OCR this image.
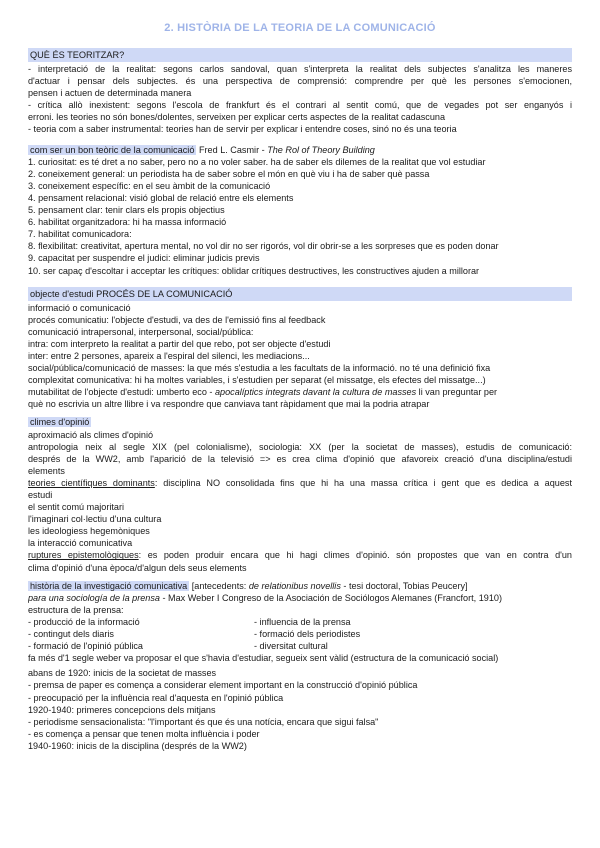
2. HISTÒRIA DE LA TEORIA DE LA COMUNICACIÓ
QUÈ ÉS TEORITZAR?
- interpretació de la realitat: segons carlos sandoval, quan s'interpreta la realitat dels subjectes s'analitza les maneres
d'actuar i pensar dels subjectes. és una perspectiva de comprensió: comprendre per què les persones s'emocionen,
pensen i actuen de determinada manera
- crítica allò inexistent: segons l'escola de frankfurt és el contrari al sentit comú, que de vegades pot ser enganyós i
erroni. les teories no són bones/dolentes, serveixen per explicar certs aspectes de la realitat cadascuna
- teoria com a saber instrumental: teories han de servir per explicar i entendre coses, sinó no és una teoria
com ser un bon teòric de la comunicació Fred L. Casmir - The Rol of Theory Building
1. curiositat: es té dret a no saber, pero no a no voler saber. ha de saber els dilemes de la realitat que vol estudiar
2. coneixement general: un periodista ha de saber sobre el món en què viu i ha de saber què passa
3. coneixement específic: en el seu àmbit de la comunicació
4. pensament relacional: visió global de relació entre els elements
5. pensament clar: tenir clars els propis objectius
6. habilitat organitzadora: hi ha massa informació
7. habilitat comunicadora:
8. flexibilitat: creativitat, apertura mental, no vol dir no ser rigorós, vol dir obrir-se a les sorpreses que es poden donar
9. capacitat per suspendre el judici: eliminar judicis previs
10. ser capaç d'escoltar i acceptar les crítiques: oblidar crítiques destructives, les constructives ajuden a millorar
objecte d'estudi PROCÉS DE LA COMUNICACIÓ
informació o comunicació
procés comunicatiu: l'objecte d'estudi, va des de l'emissió fins al feedback
comunicació intrapersonal, interpersonal, social/pública:
intra: com interpreto la realitat a partir del que rebo, pot ser objecte d'estudi
inter: entre 2 persones, apareix a l'espiral del silenci, les mediacions...
social/pública/comunicació de masses: la que més s'estudia a les facultats de la informació. no té una definició fixa
complexitat comunicativa: hi ha moltes variables, i s'estudien per separat (el missatge, els efectes del missatge...)
mutabilitat de l'objecte d'estudi: umberto eco - apocalíptics integrats davant la cultura de masses li van preguntar per
què no escrivia un altre llibre i va respondre que canviava tant ràpidament que mai la podria atrapar
climes d'opinió
aproximació als climes d'opinió
antropologia neix al segle XIX (pel colonialisme), sociologia: XX (per la societat de masses), estudis de comunicació:
després de la WW2, amb l'aparició de la televisió => es crea clima d'opinió que afavoreix creació d'una disciplina/estudi
elements
teories científiques dominants: disciplina NO consolidada fins que hi ha una massa crítica i gent que es dedica a aquest
estudi
el sentit comú majoritari
l'imaginari col·lectiu d'una cultura
les ideologiess hegemòniques
la interacció comunicativa
ruptures epistemològiques: es poden produir encara que hi hagi climes d'opinió. són propostes que van en contra d'un
clima d'opinió d'una època/d'algun dels seus elements
història de la investigació comunicativa [antecedents: de relationibus novellis - tesi doctoral, Tobias Peucery]
para una sociología de la prensa - Max Weber I Congreso de la Asociación de Sociólogos Alemanes (Francfort, 1910)
estructura de la prensa:
- producció de la informació
- contingut dels diaris
- formació de l'opinió pública
- influencia de la prensa
- formació dels periodistes
- diversitat cultural
fa més d'1 segle weber va proposar el que s'havia d'estudiar, segueix sent vàlid (estructura de la comunicació social)
abans de 1920: inicis de la societat de masses
- premsa de paper es comença a considerar element important en la construcció d'opinió pública
- preocupació per la influència real d'aquesta en l'opinió pública
1920-1940: primeres concepcions dels mitjans
- periodisme sensacionalista: "l'important és que és una notícia, encara que sigui falsa"
- es comença a pensar que tenen molta influència i poder
1940-1960: inicis de la disciplina (després de la WW2)
